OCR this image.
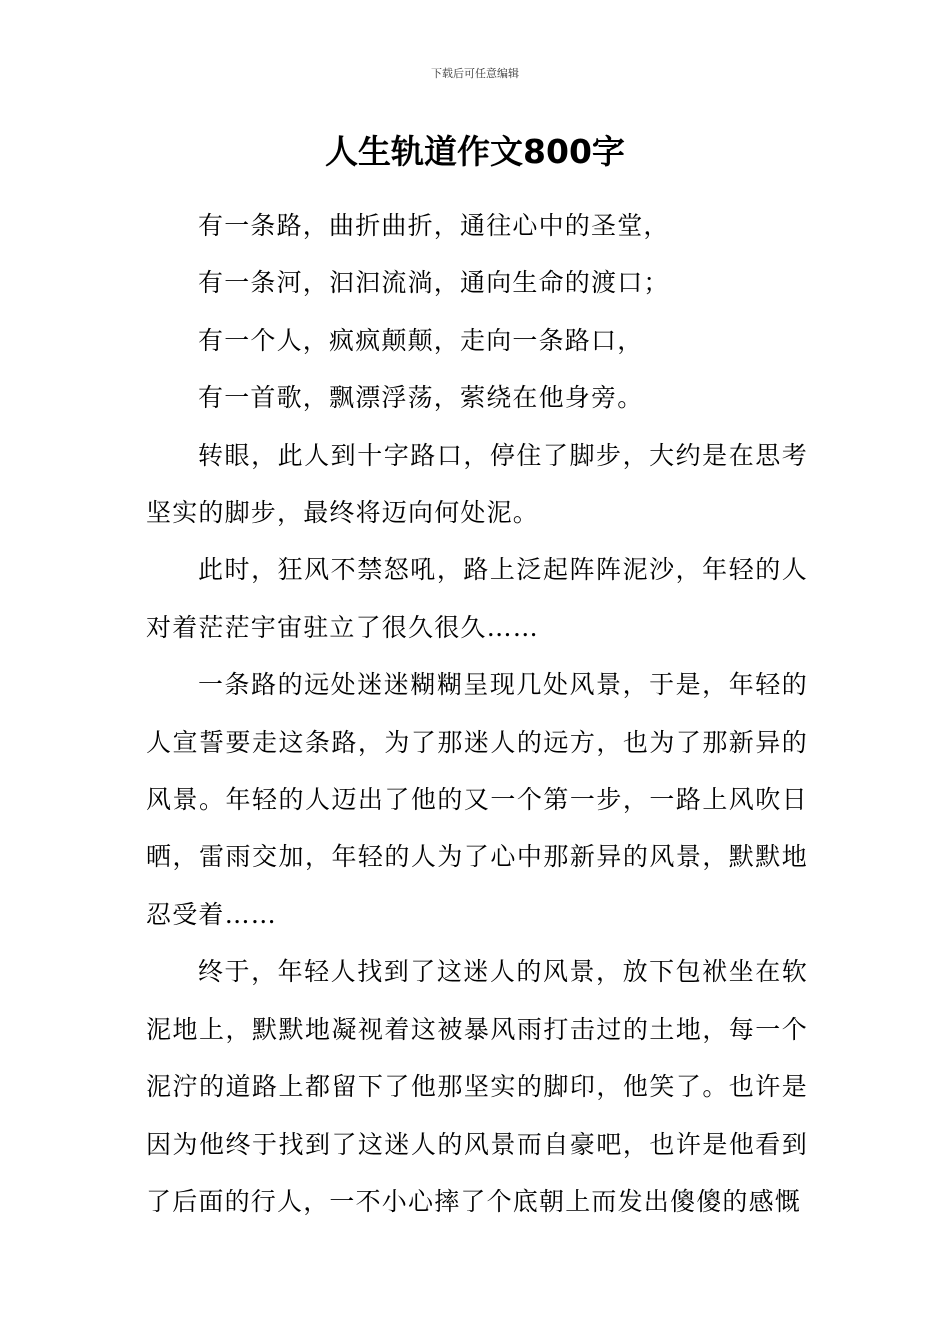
下载后可任意编辑
人生轨道作文800字

有一条路，曲折曲折，通往心中的圣堂，

有一条河，汩汩流淌，通向生命的渡口；

有一个人，疯疯颠颠，走向一条路口，

有一首歌，飘漂浮荡，萦绕在他身旁。

转眼，此人到十字路口，停住了脚步，大约是在思考坚实的脚步，最终将迈向何处泥。

此时，狂风不禁怒吼，路上泛起阵阵泥沙，年轻的人对着茫茫宇宙驻立了很久很久……

一条路的远处迷迷糊糊呈现几处风景，于是，年轻的人宣誓要走这条路，为了那迷人的远方，也为了那新异的风景。年轻的人迈出了他的又一个第一步，一路上风吹日晒，雷雨交加，年轻的人为了心中那新异的风景，默默地忍受着……

终于，年轻人找到了这迷人的风景，放下包袱坐在软泥地上，默默地凝视着这被暴风雨打击过的土地，每一个泥泞的道路上都留下了他那坚实的脚印，他笑了。也许是因为他终于找到了这迷人的风景而自豪吧，也许是他看到了后面的行人，一不小心摔了个底朝上而发出傻傻的感慨
